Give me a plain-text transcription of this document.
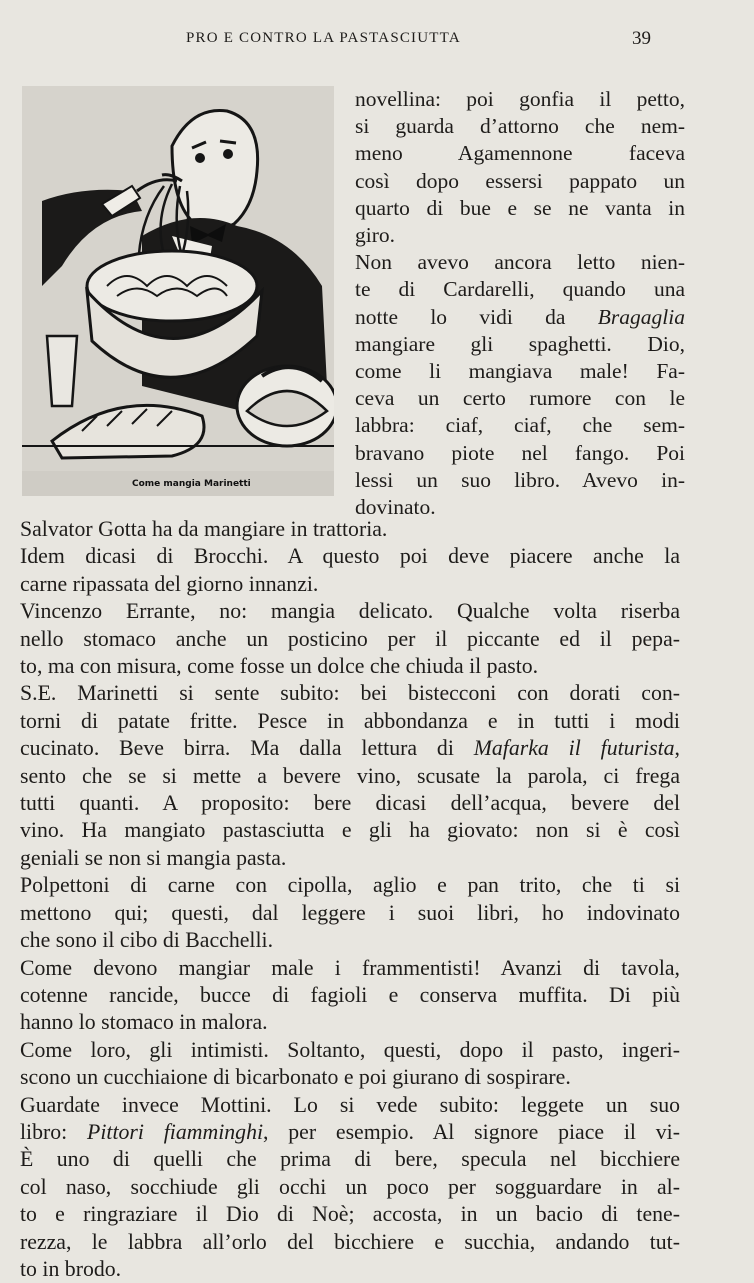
PRO E CONTRO LA PASTASCIUTTA	39
Come mangia Marinetti

novellina: poi gonfia il petto,
si guarda d’attorno che nem-
meno Agamennone faceva
così dopo essersi pappato un
quarto di bue e se ne vanta in
giro.

Non avevo ancora letto nien-
te di Cardarelli, quando una
notte lo vidi da Bragaglia
mangiare gli spaghetti. Dio,
come li mangiava male! Fa-
ceva un certo rumore con le
labbra: ciaf, ciaf, che sem-
bravano piote nel fango. Poi
lessi un suo libro. Avevo in-
dovinato.

Salvator Gotta ha da mangiare in trattoria.

Idem dicasi di Brocchi. A questo poi deve piacere anche la
carne ripassata del giorno innanzi.

Vincenzo Errante, no: mangia delicato. Qualche volta riserba
nello stomaco anche un posticino per il piccante ed il pepa-
to, ma con misura, come fosse un dolce che chiuda il pasto.

S.E. Marinetti si sente subito: bei bistecconi con dorati con-
torni di patate fritte. Pesce in abbondanza e in tutti i modi
cucinato. Beve birra. Ma dalla lettura di Mafarka il futurista,
sento che se si mette a bevere vino, scusate la parola, ci frega
tutti quanti. A proposito: bere dicasi dell’acqua, bevere del
vino. Ha mangiato pastasciutta e gli ha giovato: non si è così
geniali se non si mangia pasta.

Polpettoni di carne con cipolla, aglio e pan trito, che ti si
mettono qui; questi, dal leggere i suoi libri, ho indovinato
che sono il cibo di Bacchelli.

Come devono mangiar male i frammentisti! Avanzi di tavola,
cotenne rancide, bucce di fagioli e conserva muffita. Di più
hanno lo stomaco in malora.

Come loro, gli intimisti. Soltanto, questi, dopo il pasto, ingeri-
scono un cucchiaione di bicarbonato e poi giurano di sospirare.

Guardate invece Mottini. Lo si vede subito: leggete un suo
libro: Pittori fiamminghi, per esempio. Al signore piace il vi-
È uno di quelli che prima di bere, specula nel bicchiere
col naso, socchiude gli occhi un poco per sogguardare in al-
to e ringraziare il Dio di Noè; accosta, in un bacio di tene-
rezza, le labbra all’orlo del bicchiere e succhia, andando tut-
to in brodo.
